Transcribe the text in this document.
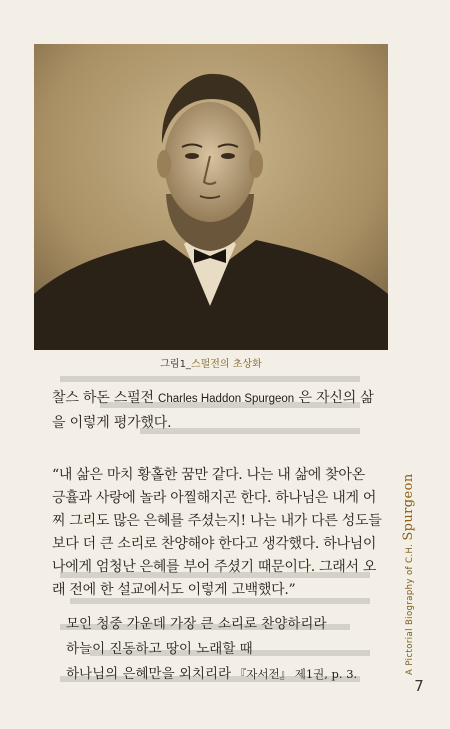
그림1_스펄전의 초상화
찰스 하돈 스펄전 Charles Haddon Spurgeon 은 자신의 삶을 이렇게 평가했다.
“내 삶은 마치 황홀한 꿈만 같다. 나는 내 삶에 찾아온 긍휼과 사랑에 놀라 아찔해지곤 한다. 하나님은 내게 어찌 그리도 많은 은혜를 주셨는지! 나는 내가 다른 성도들보다 더 큰 소리로 찬양해야 한다고 생각했다. 하나님이 나에게 엄청난 은혜를 부어 주셨기 때문이다. 그래서 오래 전에 한 설교에서도 이렇게 고백했다.”
모인 청중 가운데 가장 큰 소리로 찬양하리라
하늘이 진동하고 땅이 노래할 때
하나님의 은혜만을 외치리라 『자서전』 제1권, p. 3.	A Pictorial Biography of C.H. Spurgeon
7
